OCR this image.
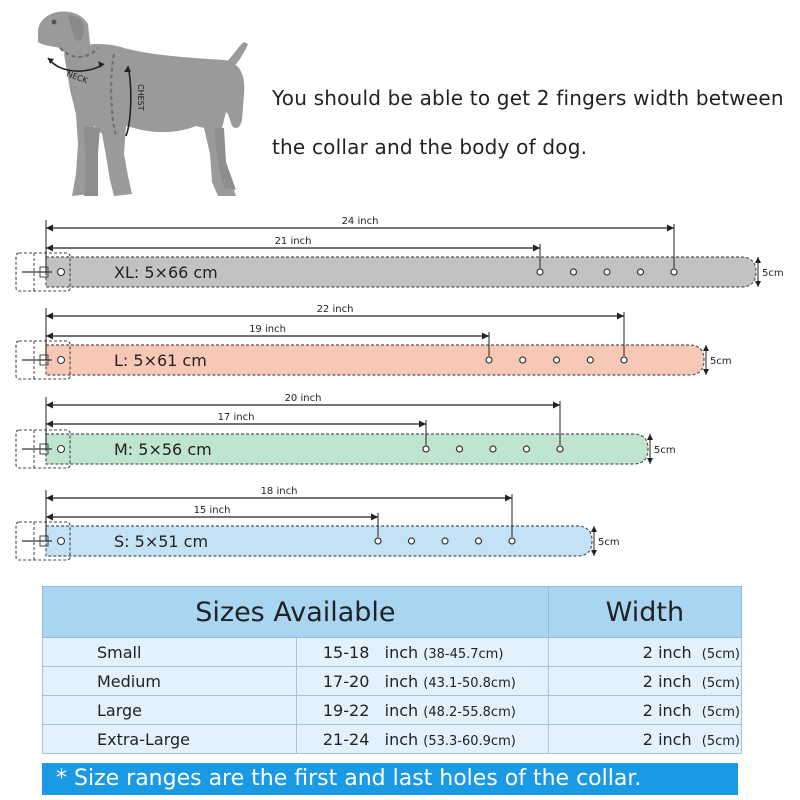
NECK
CHEST	You should be able to get 2 fingers width between
the collar and the body of dog.
XL: 5×66 cm
24 inch
21 inch
5cm
L: 5×61 cm
22 inch
19 inch
5cm
M: 5×56 cm
20 inch
17 inch
5cm
S: 5×51 cm
18 inch
15 inch
5cm
Sizes Available		Width
Small	15-18 inch (38-45.7cm)	2 inch (5cm)
Medium	17-20 inch (43.1-50.8cm)	2 inch (5cm)
Large	19-22 inch (48.2-55.8cm)	2 inch (5cm)
Extra-Large	21-24 inch (53.3-60.9cm)	2 inch (5cm)
* Size ranges are the first and last holes of the collar.
